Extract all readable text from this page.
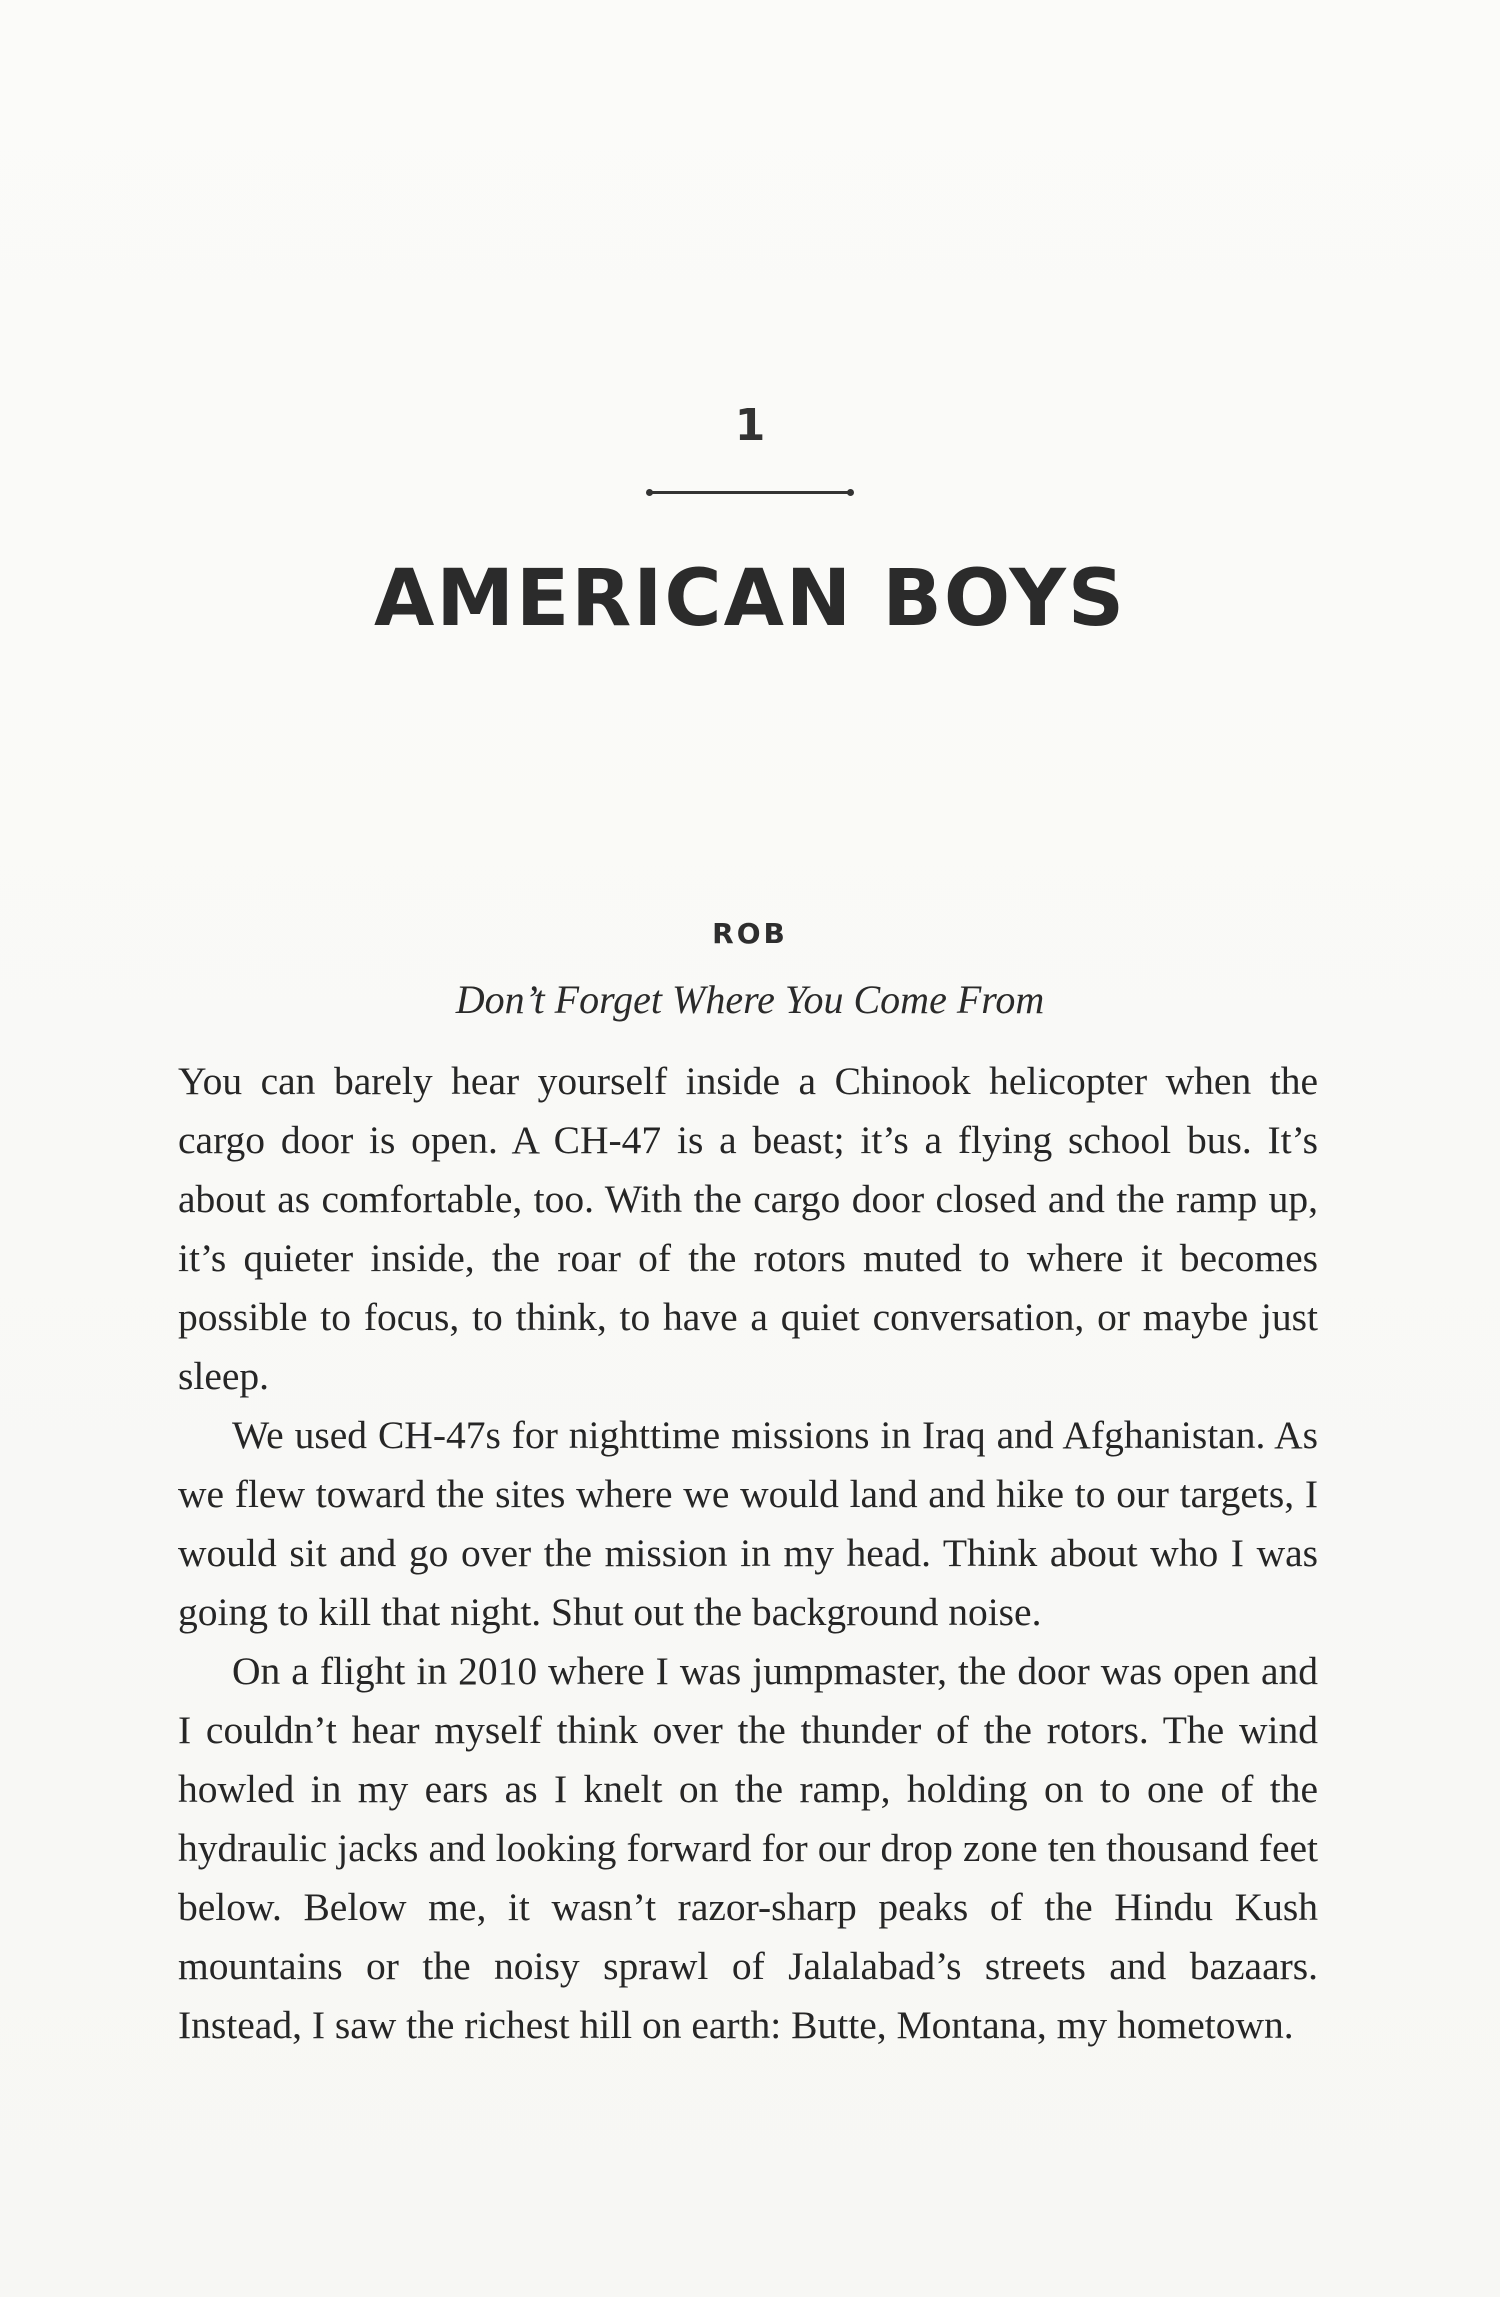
1
AMERICAN BOYS
ROB
Don’t Forget Where You Come From

You can barely hear yourself inside a Chinook helicopter when the cargo door is open. A CH-47 is a beast; it’s a flying school bus. It’s about as comfortable, too. With the cargo door closed and the ramp up, it’s quieter inside, the roar of the rotors muted to where it becomes possible to focus, to think, to have a quiet conversation, or maybe just sleep.

We used CH-47s for nighttime missions in Iraq and Afghanistan. As we flew toward the sites where we would land and hike to our targets, I would sit and go over the mission in my head. Think about who I was going to kill that night. Shut out the background noise.

On a flight in 2010 where I was jumpmaster, the door was open and I couldn’t hear myself think over the thunder of the rotors. The wind howled in my ears as I knelt on the ramp, holding on to one of the hydraulic jacks and looking forward for our drop zone ten thousand feet below. Below me, it wasn’t razor-sharp peaks of the Hindu Kush mountains or the noisy sprawl of Jalalabad’s streets and bazaars. Instead, I saw the richest hill on earth: Butte, Montana, my hometown.
